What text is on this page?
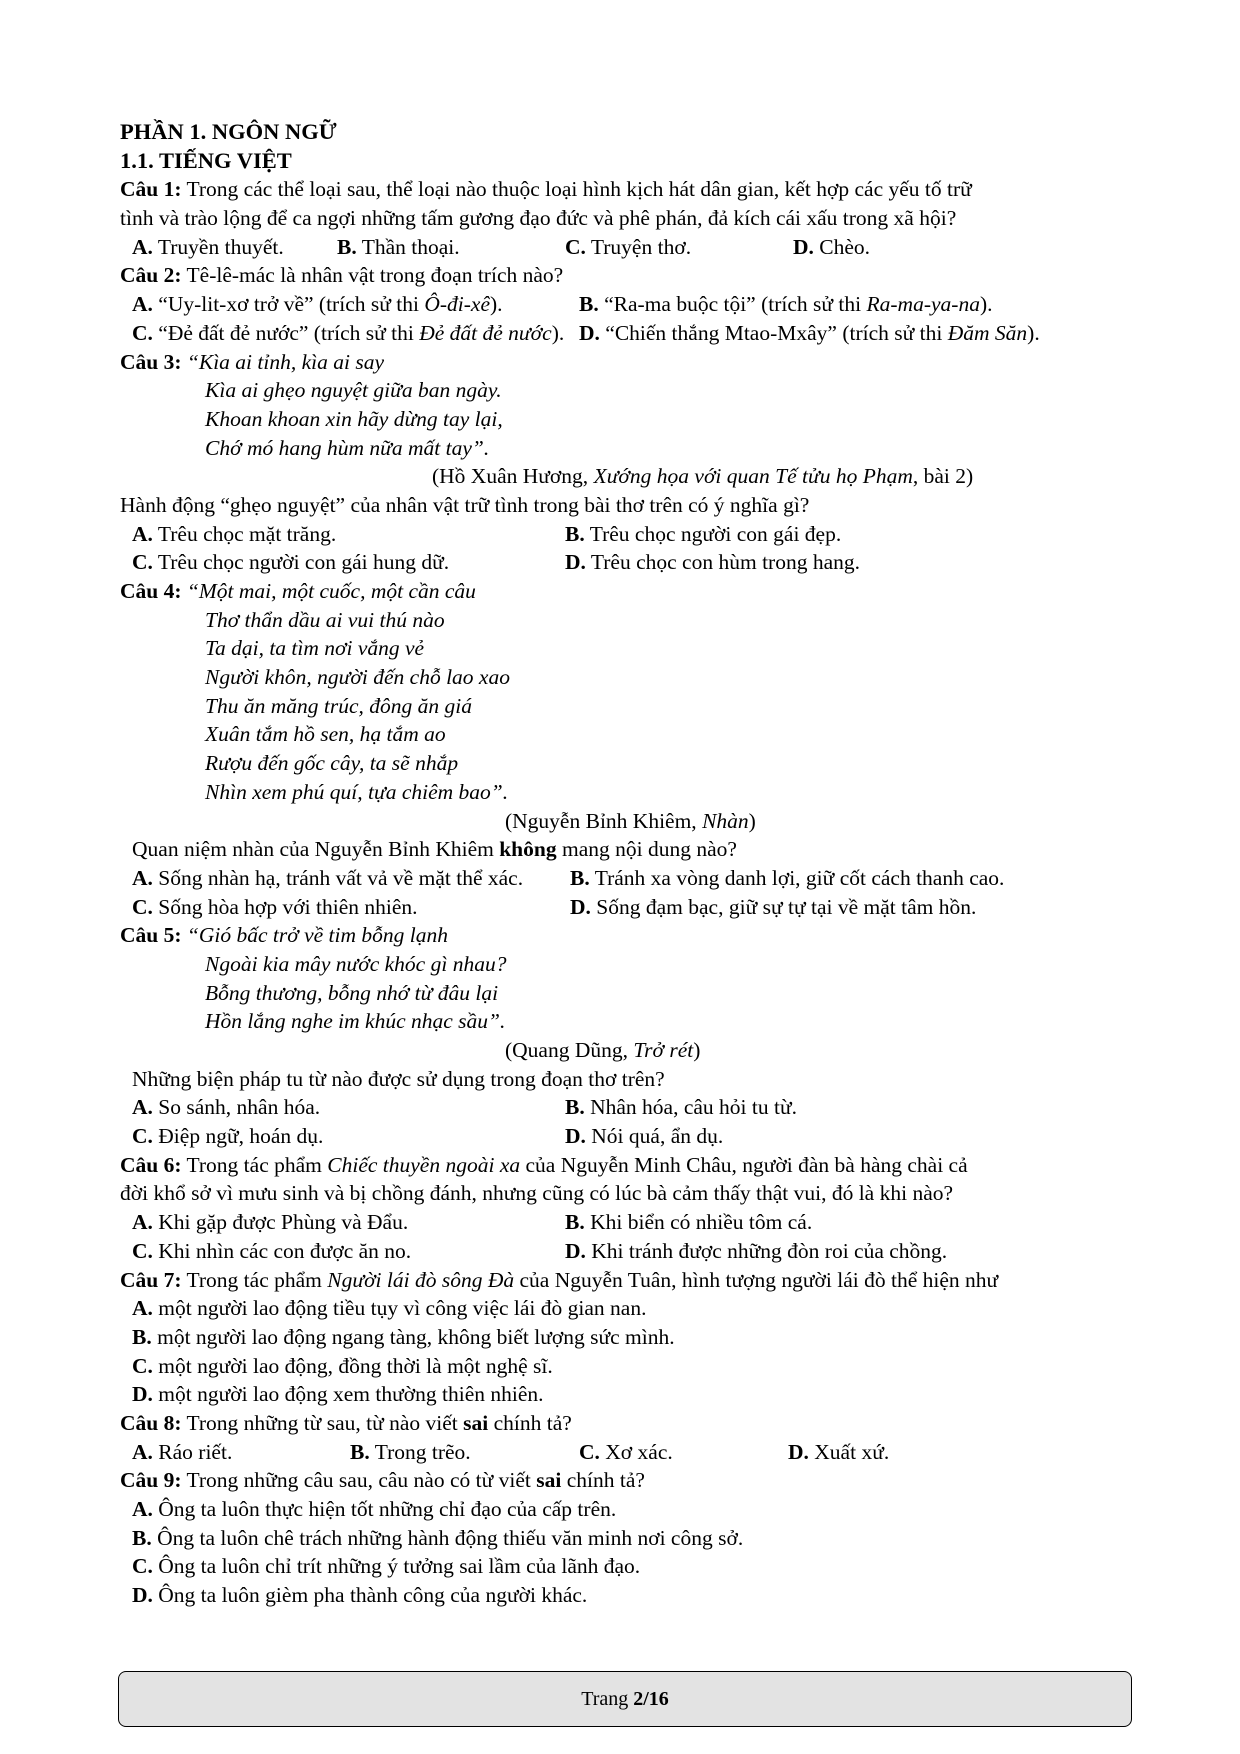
PHẦN 1. NGÔN NGỮ
1.1. TIẾNG VIỆT
Câu 1: Trong các thể loại sau, thể loại nào thuộc loại hình kịch hát dân gian, kết hợp các yếu tố trữ
tình và trào lộng để ca ngợi những tấm gương đạo đức và phê phán, đả kích cái xấu trong xã hội?
A. Truyền thuyết. B. Thần thoại.	C. Truyện thơ.	D. Chèo.
Câu 2: Tê-lê-mác là nhân vật trong đoạn trích nào?
A. “Uy-lit-xơ trở về” (trích sử thi Ô-đi-xê).	B. “Ra-ma buộc tội” (trích sử thi Ra-ma-ya-na).
C. “Đẻ đất đẻ nước” (trích sử thi Đẻ đất đẻ nước). D. “Chiến thắng Mtao-Mxây” (trích sử thi Đăm Săn).
Câu 3: “Kìa ai tỉnh, kìa ai say
Kìa ai ghẹo nguyệt giữa ban ngày.
Khoan khoan xin hãy dừng tay lại,
Chớ mó hang hùm nữa mất tay”.
(Hồ Xuân Hương, Xướng họa với quan Tế tửu họ Phạm, bài 2)
Hành động “ghẹo nguyệt” của nhân vật trữ tình trong bài thơ trên có ý nghĩa gì?
A. Trêu chọc mặt trăng.	B. Trêu chọc người con gái đẹp.
C. Trêu chọc người con gái hung dữ.	D. Trêu chọc con hùm trong hang.
Câu 4: “Một mai, một cuốc, một cần câu
Thơ thẩn dầu ai vui thú nào
Ta dại, ta tìm nơi vắng vẻ
Người khôn, người đến chỗ lao xao
Thu ăn măng trúc, đông ăn giá
Xuân tắm hồ sen, hạ tắm ao
Rượu đến gốc cây, ta sẽ nhắp
Nhìn xem phú quí, tựa chiêm bao”.
(Nguyễn Bỉnh Khiêm, Nhàn)
Quan niệm nhàn của Nguyễn Bỉnh Khiêm không mang nội dung nào?
A. Sống nhàn hạ, tránh vất vả về mặt thể xác. B. Tránh xa vòng danh lợi, giữ cốt cách thanh cao.
C. Sống hòa hợp với thiên nhiên.	D. Sống đạm bạc, giữ sự tự tại về mặt tâm hồn.
Câu 5: “Gió bấc trở về tim bỗng lạnh
Ngoài kia mây nước khóc gì nhau?
Bỗng thương, bỗng nhớ từ đâu lại
Hồn lắng nghe im khúc nhạc sầu”.
(Quang Dũng, Trở rét)
Những biện pháp tu từ nào được sử dụng trong đoạn thơ trên?
A. So sánh, nhân hóa.	B. Nhân hóa, câu hỏi tu từ.
C. Điệp ngữ, hoán dụ.	D. Nói quá, ẩn dụ.
Câu 6: Trong tác phẩm Chiếc thuyền ngoài xa của Nguyễn Minh Châu, người đàn bà hàng chài cả
đời khổ sở vì mưu sinh và bị chồng đánh, nhưng cũng có lúc bà cảm thấy thật vui, đó là khi nào?
A. Khi gặp được Phùng và Đẩu.	B. Khi biển có nhiều tôm cá.
C. Khi nhìn các con được ăn no.	D. Khi tránh được những đòn roi của chồng.
Câu 7: Trong tác phẩm Người lái đò sông Đà của Nguyễn Tuân, hình tượng người lái đò thể hiện như
A. một người lao động tiều tụy vì công việc lái đò gian nan.
B. một người lao động ngang tàng, không biết lượng sức mình.
C. một người lao động, đồng thời là một nghệ sĩ.
D. một người lao động xem thường thiên nhiên.
Câu 8: Trong những từ sau, từ nào viết sai chính tả?
A. Ráo riết.	B. Trong trẽo.	C. Xơ xác.	D. Xuất xứ.
Câu 9: Trong những câu sau, câu nào có từ viết sai chính tả?
A. Ông ta luôn thực hiện tốt những chỉ đạo của cấp trên.
B. Ông ta luôn chê trách những hành động thiếu văn minh nơi công sở.
C. Ông ta luôn chỉ trít những ý tưởng sai lầm của lãnh đạo.
D. Ông ta luôn gièm pha thành công của người khác.
Trang 2/16
